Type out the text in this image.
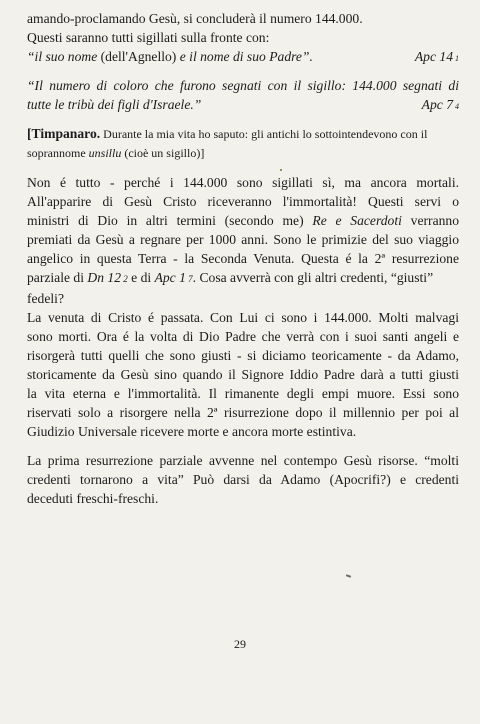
amando-proclamando Gesù, si concluderà il numero 144.000.
Questi saranno tutti sigillati sulla fronte con:
“il suo nome (dell'Agnello) e il nome di suo Padre”.	Apc 14 1
“Il numero di coloro che furono segnati con il sigillo: 144.000 segnati di
tutte le tribù dei figli d'Israele.”	Apc 7 4
[Timpanaro. Durante la mia vita ho saputo: gli antichi lo sottointendevono con il
soprannome unsillu (cioè un sigillo)]
Non é tutto - perché i 144.000 sono sigillati sì, ma ancora mortali.
All'apparire di Gesù Cristo riceveranno l'immortalità! Questi servi o
ministri di Dio in altri termini (secondo me) Re e Sacerdoti verranno
premiati da Gesù a regnare per 1000 anni. Sono le primizie del suo viaggio
angelico in questa Terra - la Seconda Venuta. Questa é la 2ª resurrezione
parziale di Dn 12 2 e di Apc 1 7. Cosa avverrà con gli altri credenti, “giusti”
fedeli?
La venuta di Cristo é passata. Con Lui ci sono i 144.000. Molti malvagi
sono morti. Ora é la volta di Dio Padre che verrà con i suoi santi angeli e
risorgerà tutti quelli che sono giusti - si diciamo teoricamente - da Adamo,
storicamente da Gesù sino quando il Signore Iddio Padre darà a tutti giusti
la vita eterna e l'immortalità. Il rimanente degli empi muore. Essi sono
riservati solo a risorgere nella 2ª risurrezione dopo il millennio per poi al
Giudizio Universale ricevere morte e ancora morte estintiva.
La prima resurrezione parziale avvenne nel contempo Gesù risorse. “molti
credenti tornarono a vita” Può darsi da Adamo (Apocrifi?) e credenti
deceduti freschi-freschi.
29
